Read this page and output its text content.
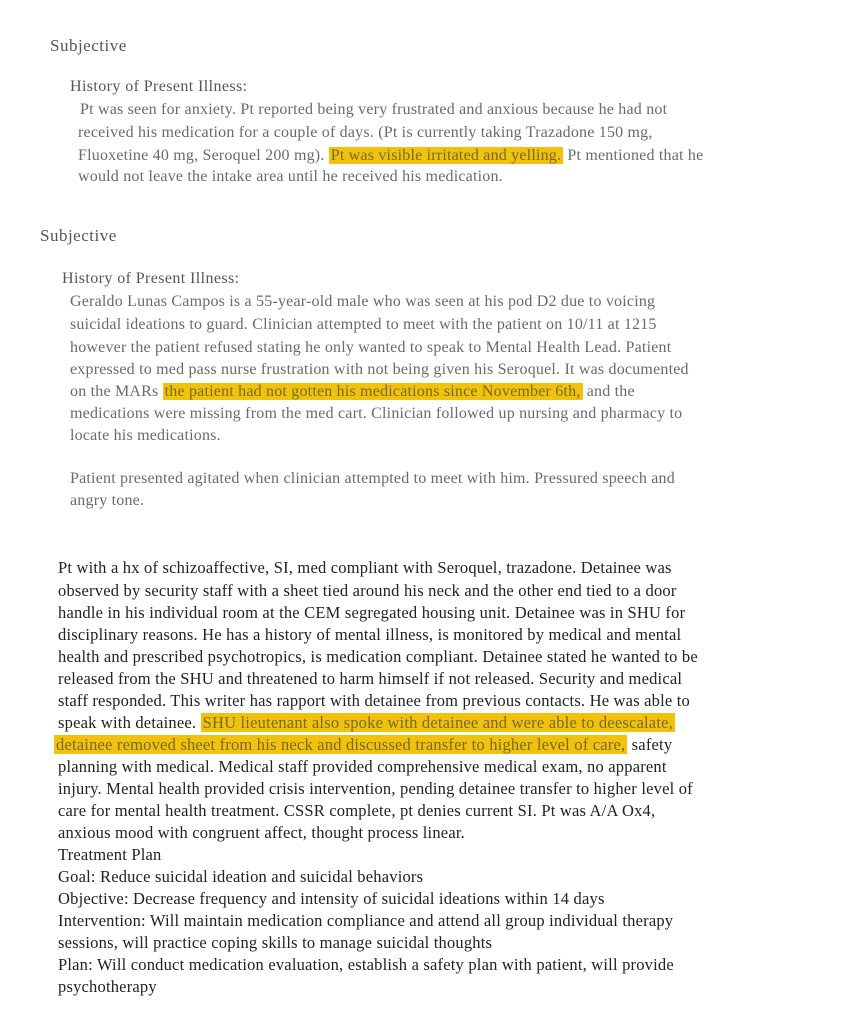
Subjective
History of Present Illness:
Pt was seen for anxiety. Pt reported being very frustrated and anxious because he had not
received his medication for a couple of days. (Pt is currently taking Trazadone 150 mg,
Fluoxetine 40 mg, Seroquel 200 mg). Pt was visible irritated and yelling. Pt mentioned that he
would not leave the intake area until he received his medication.
Subjective
History of Present Illness:
Geraldo Lunas Campos is a 55-year-old male who was seen at his pod D2 due to voicing
suicidal ideations to guard. Clinician attempted to meet with the patient on 10/11 at 1215
however the patient refused stating he only wanted to speak to Mental Health Lead. Patient
expressed to med pass nurse frustration with not being given his Seroquel. It was documented
on the MARs the patient had not gotten his medications since November 6th, and the
medications were missing from the med cart. Clinician followed up nursing and pharmacy to
locate his medications.
Patient presented agitated when clinician attempted to meet with him. Pressured speech and
angry tone.
Pt with a hx of schizoaffective, SI, med compliant with Seroquel, trazadone. Detainee was
observed by security staff with a sheet tied around his neck and the other end tied to a door
handle in his individual room at the CEM segregated housing unit. Detainee was in SHU for
disciplinary reasons. He has a history of mental illness, is monitored by medical and mental
health and prescribed psychotropics, is medication compliant. Detainee stated he wanted to be
released from the SHU and threatened to harm himself if not released. Security and medical
staff responded. This writer has rapport with detainee from previous contacts. He was able to
speak with detainee. SHU lieutenant also spoke with detainee and were able to deescalate,
detainee removed sheet from his neck and discussed transfer to higher level of care, safety
planning with medical. Medical staff provided comprehensive medical exam, no apparent
injury. Mental health provided crisis intervention, pending detainee transfer to higher level of
care for mental health treatment. CSSR complete, pt denies current SI. Pt was A/A Ox4,
anxious mood with congruent affect, thought process linear.
Treatment Plan
Goal: Reduce suicidal ideation and suicidal behaviors
Objective: Decrease frequency and intensity of suicidal ideations within 14 days
Intervention: Will maintain medication compliance and attend all group individual therapy
sessions, will practice coping skills to manage suicidal thoughts
Plan: Will conduct medication evaluation, establish a safety plan with patient, will provide
psychotherapy
